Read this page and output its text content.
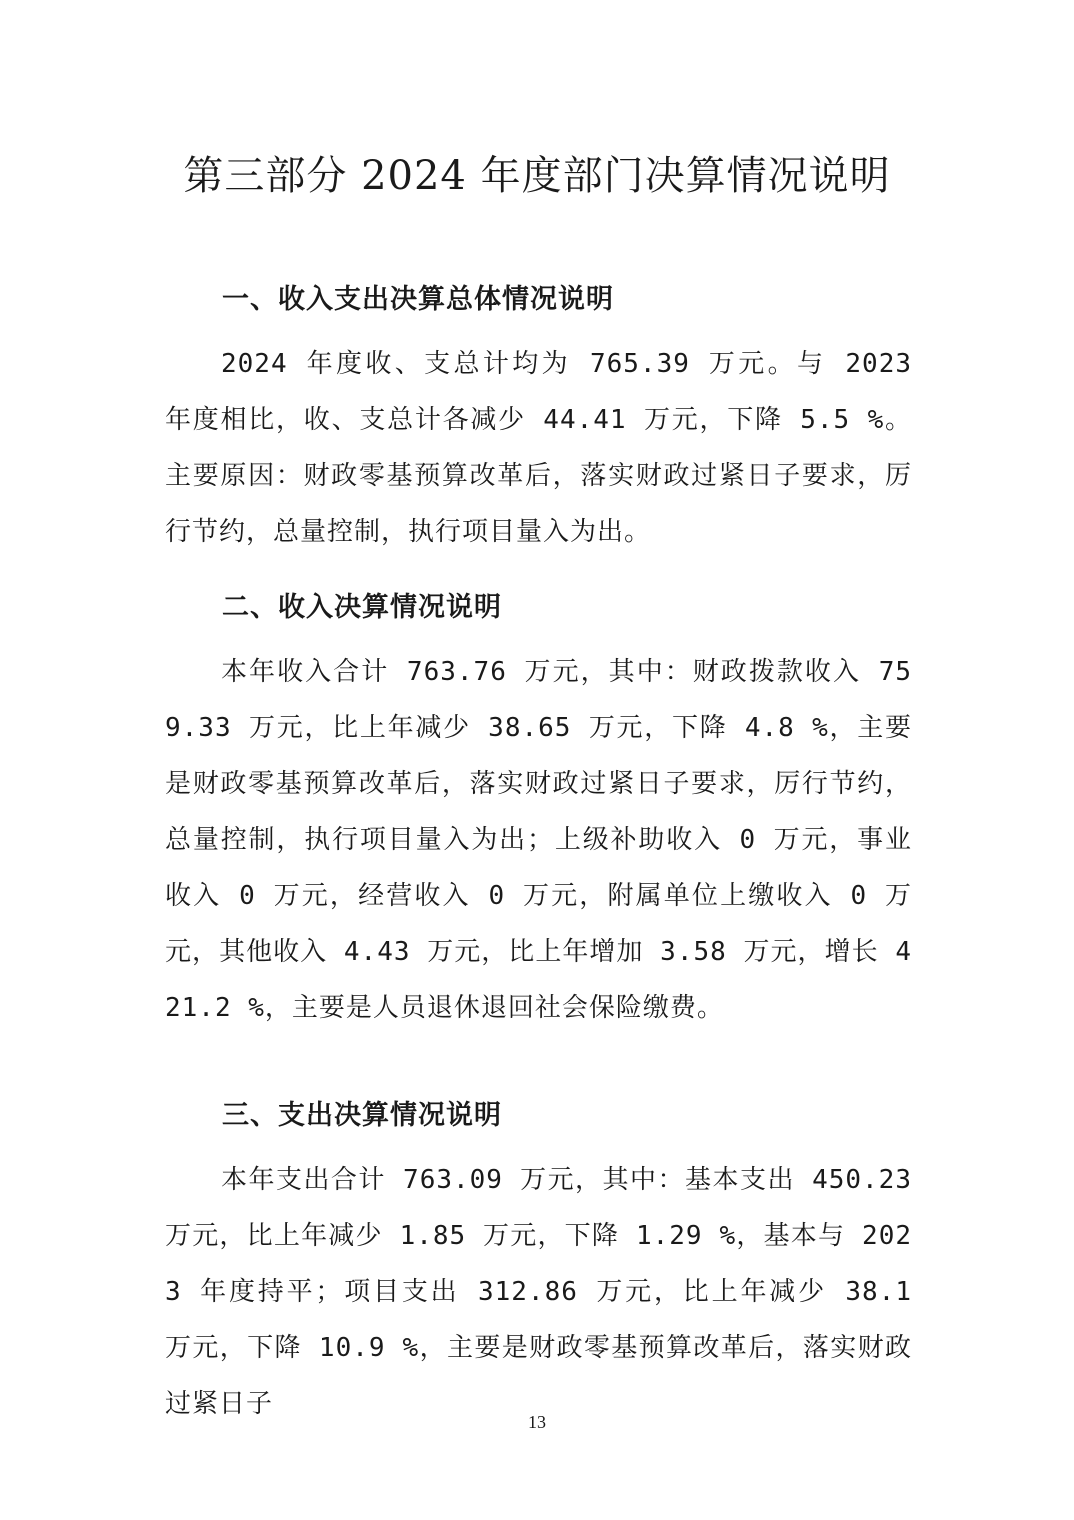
第三部分 2024 年度部门决算情况说明
一、收入支出决算总体情况说明

2024 年度收、支总计均为 765.39 万元。与 2023 年度相比，收、支总计各减少 44.41 万元，下降 5.5 %。主要原因：财政零基预算改革后，落实财政过紧日子要求，厉行节约，总量控制，执行项目量入为出。

二、收入决算情况说明

本年收入合计 763.76 万元，其中：财政拨款收入 759.33 万元，比上年减少 38.65 万元，下降 4.8 %，主要是财政零基预算改革后，落实财政过紧日子要求，厉行节约，总量控制，执行项目量入为出；上级补助收入 0 万元，事业收入 0 万元，经营收入 0 万元，附属单位上缴收入 0 万元，其他收入 4.43 万元，比上年增加 3.58 万元，增长 421.2 %，主要是人员退休退回社会保险缴费。

三、支出决算情况说明

本年支出合计 763.09 万元，其中：基本支出 450.23 万元，比上年减少 1.85 万元，下降 1.29 %，基本与 2023 年度持平；项目支出 312.86 万元，比上年减少 38.1 万元，下降 10.9 %，主要是财政零基预算改革后，落实财政过紧日子

13
